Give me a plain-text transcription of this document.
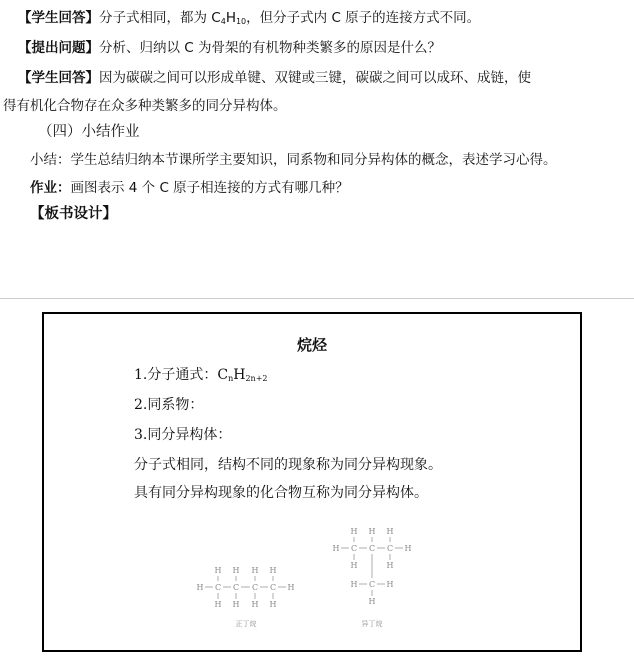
【学生回答】分子式相同，都为 $C_4H_{10}$，但分子式内 C 原子的连接方式不同。
【提出问题】分析、归纳以 C 为骨架的有机物种类繁多的原因是什么？
【学生回答】因为碳碳之间可以形成单键、双键或三键，碳碳之间可以成环、成链，使
得有机化合物存在众多种类繁多的同分异构体。
（四）小结作业
小结：学生总结归纳本节课所学主要知识，同系物和同分异构体的概念，表述学习心得。
作业：画图表示 4 个 C 原子相连接的方式有哪几种？
【板书设计】
烷烃
1.分子通式：$C_nH_{2n+2}$
2.同系物：
3.同分异构体：
分子式相同，结构不同的现象称为同分异构现象。
具有同分异构现象的化合物互称为同分异构体。
H H H H
H C C C C H
H H H H
正丁烷
H H H
H C C C H
H	H
H C H
H
异丁烷
